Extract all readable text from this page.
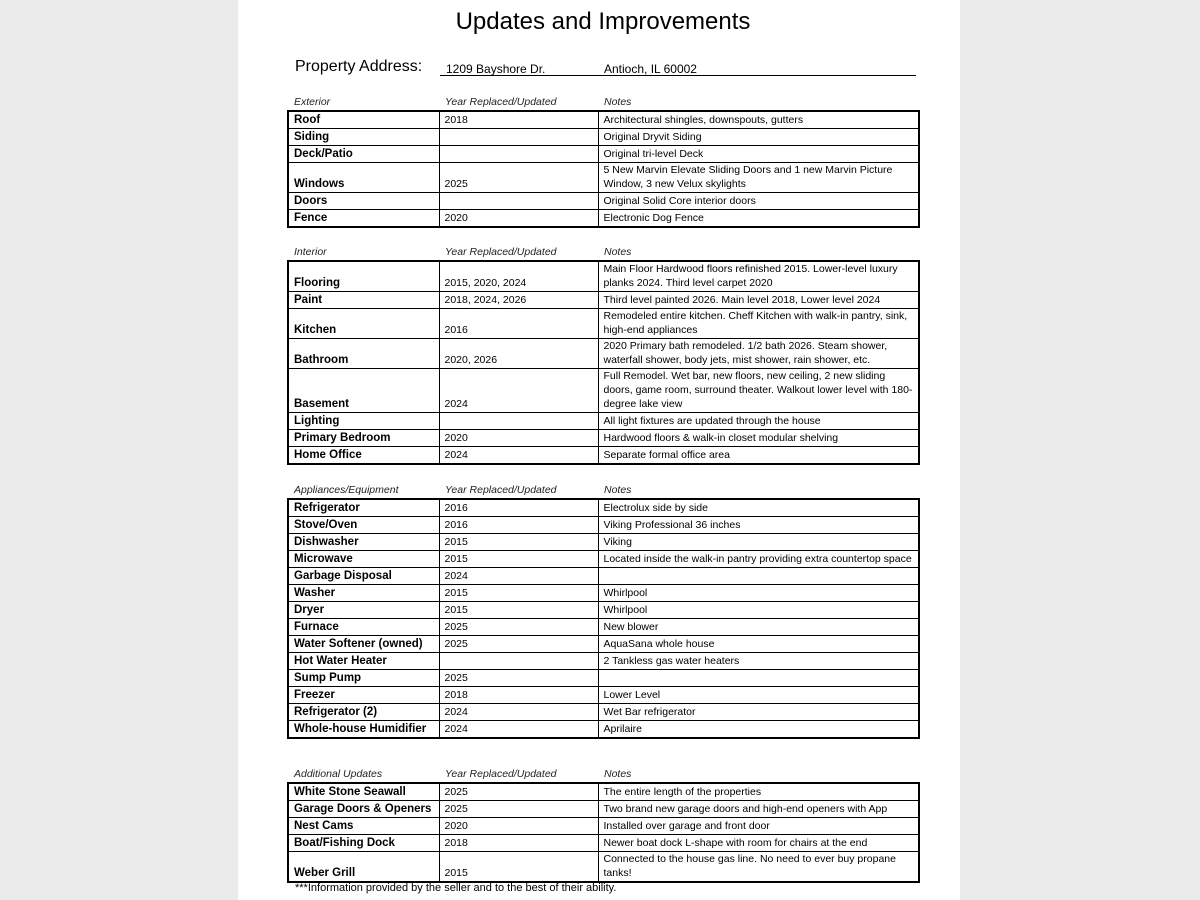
Updates and Improvements
Property Address: 1209 Bayshore Dr.	Antioch, IL 60002
Exterior	Year Replaced/Updated	Notes
Roof	2018	Architectural shingles, downspouts, gutters
Siding		Original Dryvit Siding
Deck/Patio		Original tri-level Deck
Windows	2025	5 New Marvin Elevate Sliding Doors and 1 new Marvin Picture Window, 3 new Velux skylights
Doors		Original Solid Core interior doors
Fence	2020	Electronic Dog Fence
Interior	Year Replaced/Updated	Notes
Flooring	2015, 2020, 2024	Main Floor Hardwood floors refinished 2015. Lower-level luxury planks 2024. Third level carpet 2020
Paint	2018, 2024, 2026	Third level painted 2026. Main level 2018, Lower level 2024
Kitchen	2016	Remodeled entire kitchen. Cheff Kitchen with walk-in pantry, sink, high-end appliances
Bathroom	2020, 2026	2020 Primary bath remodeled. 1/2 bath 2026. Steam shower, waterfall shower, body jets, mist shower, rain shower, etc.
Basement	2024	Full Remodel. Wet bar, new floors, new ceiling, 2 new sliding doors, game room, surround theater. Walkout lower level with 180-degree lake view
Lighting		All light fixtures are updated through the house
Primary Bedroom	2020	Hardwood floors & walk-in closet modular shelving
Home Office	2024	Separate formal office area
Appliances/Equipment	Year Replaced/Updated	Notes
Refrigerator	2016	Electrolux side by side
Stove/Oven	2016	Viking Professional 36 inches
Dishwasher	2015	Viking
Microwave	2015	Located inside the walk-in pantry providing extra countertop space
Garbage Disposal	2024	
Washer	2015	Whirlpool
Dryer	2015	Whirlpool
Furnace	2025	New blower
Water Softener (owned)	2025	AquaSana whole house
Hot Water Heater		2 Tankless gas water heaters
Sump Pump	2025	
Freezer	2018	Lower Level
Refrigerator (2)	2024	Wet Bar refrigerator
Whole-house Humidifier	2024	Aprilaire
Additional Updates	Year Replaced/Updated	Notes
White Stone Seawall	2025	The entire length of the properties
Garage Doors & Openers	2025	Two brand new garage doors and high-end openers with App
Nest Cams	2020	Installed over garage and front door
Boat/Fishing Dock	2018	Newer boat dock L-shape with room for chairs at the end
Weber Grill	2015	Connected to the house gas line. No need to ever buy propane tanks!
***Information provided by the seller and to the best of their ability.
